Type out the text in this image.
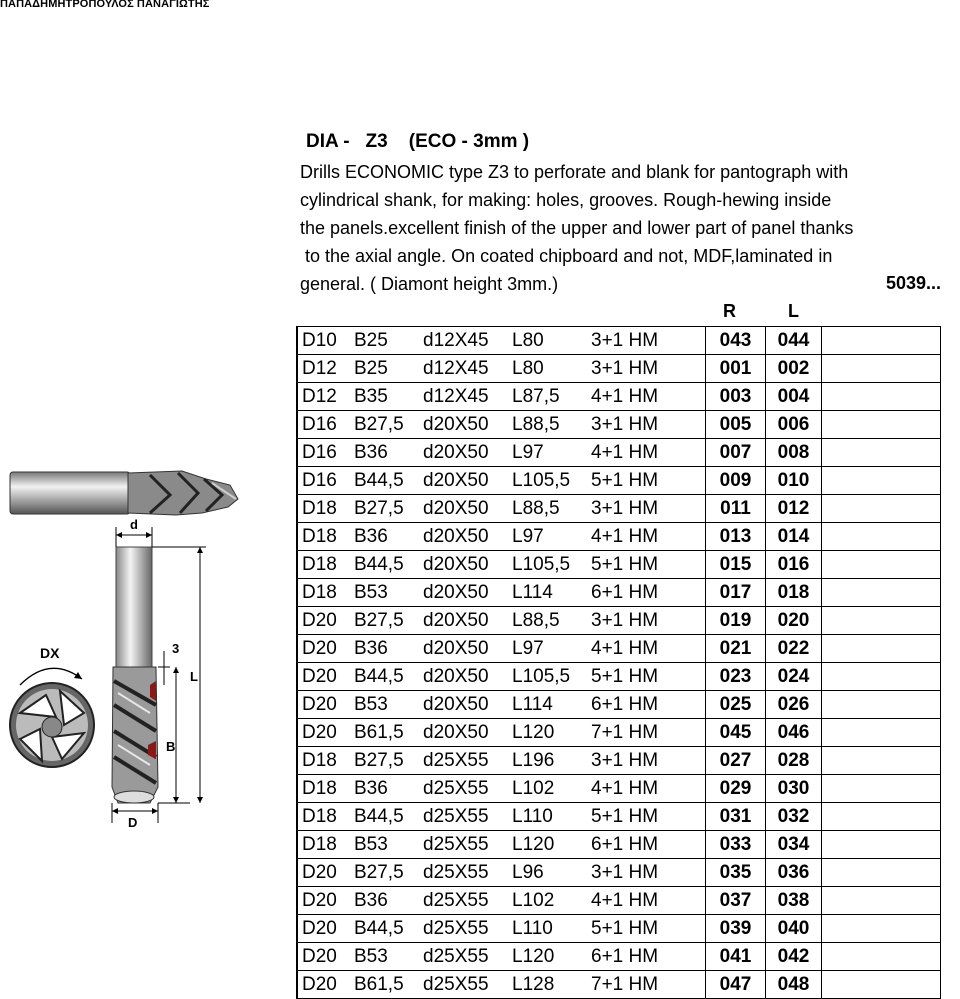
ΠΑΠΑΔΗΜΗΤΡΟΠΟΥΛΟΣ ΠΑΝΑΓΙΩΤΗΣ
DIA -   Z3    (ECO - 3mm )
Drills ECONOMIC type Z3 to perforate and blank for pantograph with
cylindrical shank, for making: holes, grooves. Rough-hewing inside
the panels.excellent finish of the upper and lower part of panel thanks
to the axial angle. On coated chipboard and not, MDF,laminated in
general. ( Diamont height 3mm.)	5039...
R	L
D10	B25	d12X45	L80	3+1 HM	043	044	
D12	B25	d12X45	L80	3+1 HM	001	002	
D12	B35	d12X45	L87,5	4+1 HM	003	004	
D16	B27,5	d20X50	L88,5	3+1 HM	005	006	
D16	B36	d20X50	L97	4+1 HM	007	008	
D16	B44,5	d20X50	L105,5	5+1 HM	009	010	
D18	B27,5	d20X50	L88,5	3+1 HM	011	012	
D18	B36	d20X50	L97	4+1 HM	013	014	
D18	B44,5	d20X50	L105,5	5+1 HM	015	016	
D18	B53	d20X50	L114	6+1 HM	017	018	
D20	B27,5	d20X50	L88,5	3+1 HM	019	020	
D20	B36	d20X50	L97	4+1 HM	021	022	
D20	B44,5	d20X50	L105,5	5+1 HM	023	024	
D20	B53	d20X50	L114	6+1 HM	025	026	
D20	B61,5	d20X50	L120	7+1 HM	045	046	
D18	B27,5	d25X55	L196	3+1 HM	027	028	
D18	B36	d25X55	L102	4+1 HM	029	030	
D18	B44,5	d25X55	L110	5+1 HM	031	032	
D18	B53	d25X55	L120	6+1 HM	033	034	
D20	B27,5	d25X55	L96	3+1 HM	035	036	
D20	B36	d25X55	L102	4+1 HM	037	038	
D20	B44,5	d25X55	L110	5+1 HM	039	040	
D20	B53	d25X55	L120	6+1 HM	041	042	
D20	B61,5	d25X55	L128	7+1 HM	047	048	
d
D
3
B
L
DX
